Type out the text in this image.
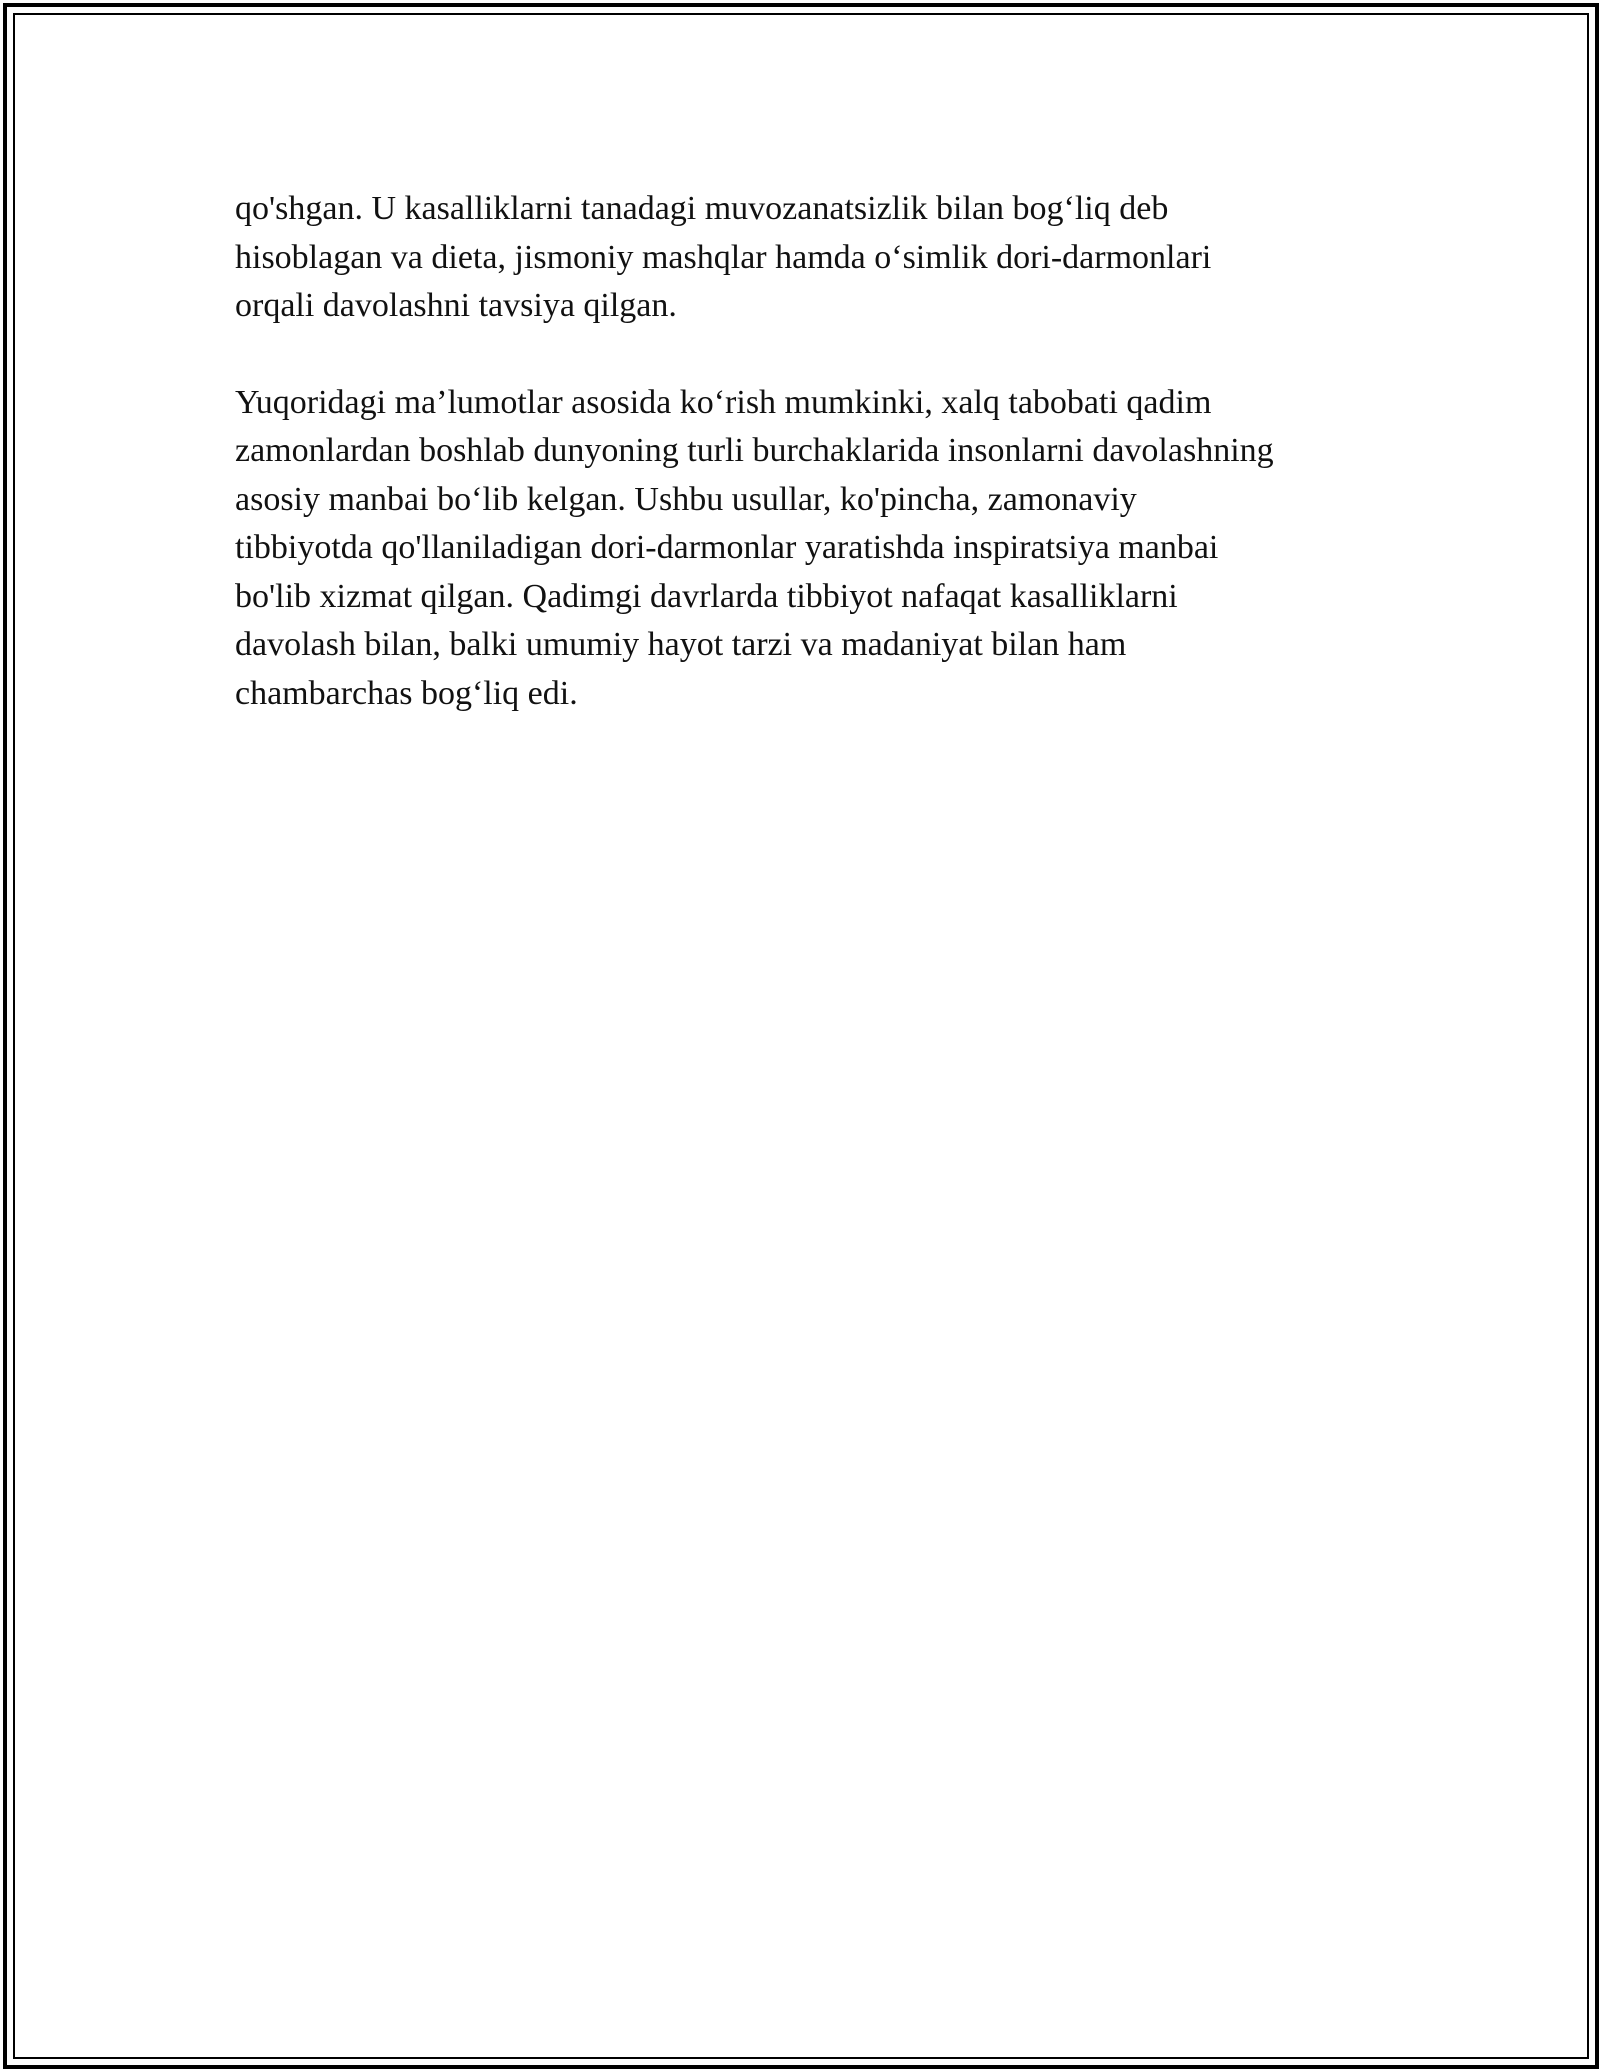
qo'shgan. U kasalliklarni tanadagi muvozanatsizlik bilan bog‘liq deb
hisoblagan va dieta, jismoniy mashqlar hamda o‘simlik dori-darmonlari
orqali davolashni tavsiya qilgan.

Yuqoridagi ma’lumotlar asosida ko‘rish mumkinki, xalq tabobati qadim
zamonlardan boshlab dunyoning turli burchaklarida insonlarni davolashning
asosiy manbai bo‘lib kelgan. Ushbu usullar, ko'pincha, zamonaviy
tibbiyotda qo'llaniladigan dori-darmonlar yaratishda inspiratsiya manbai
bo'lib xizmat qilgan. Qadimgi davrlarda tibbiyot nafaqat kasalliklarni
davolash bilan, balki umumiy hayot tarzi va madaniyat bilan ham
chambarchas bog‘liq edi.
